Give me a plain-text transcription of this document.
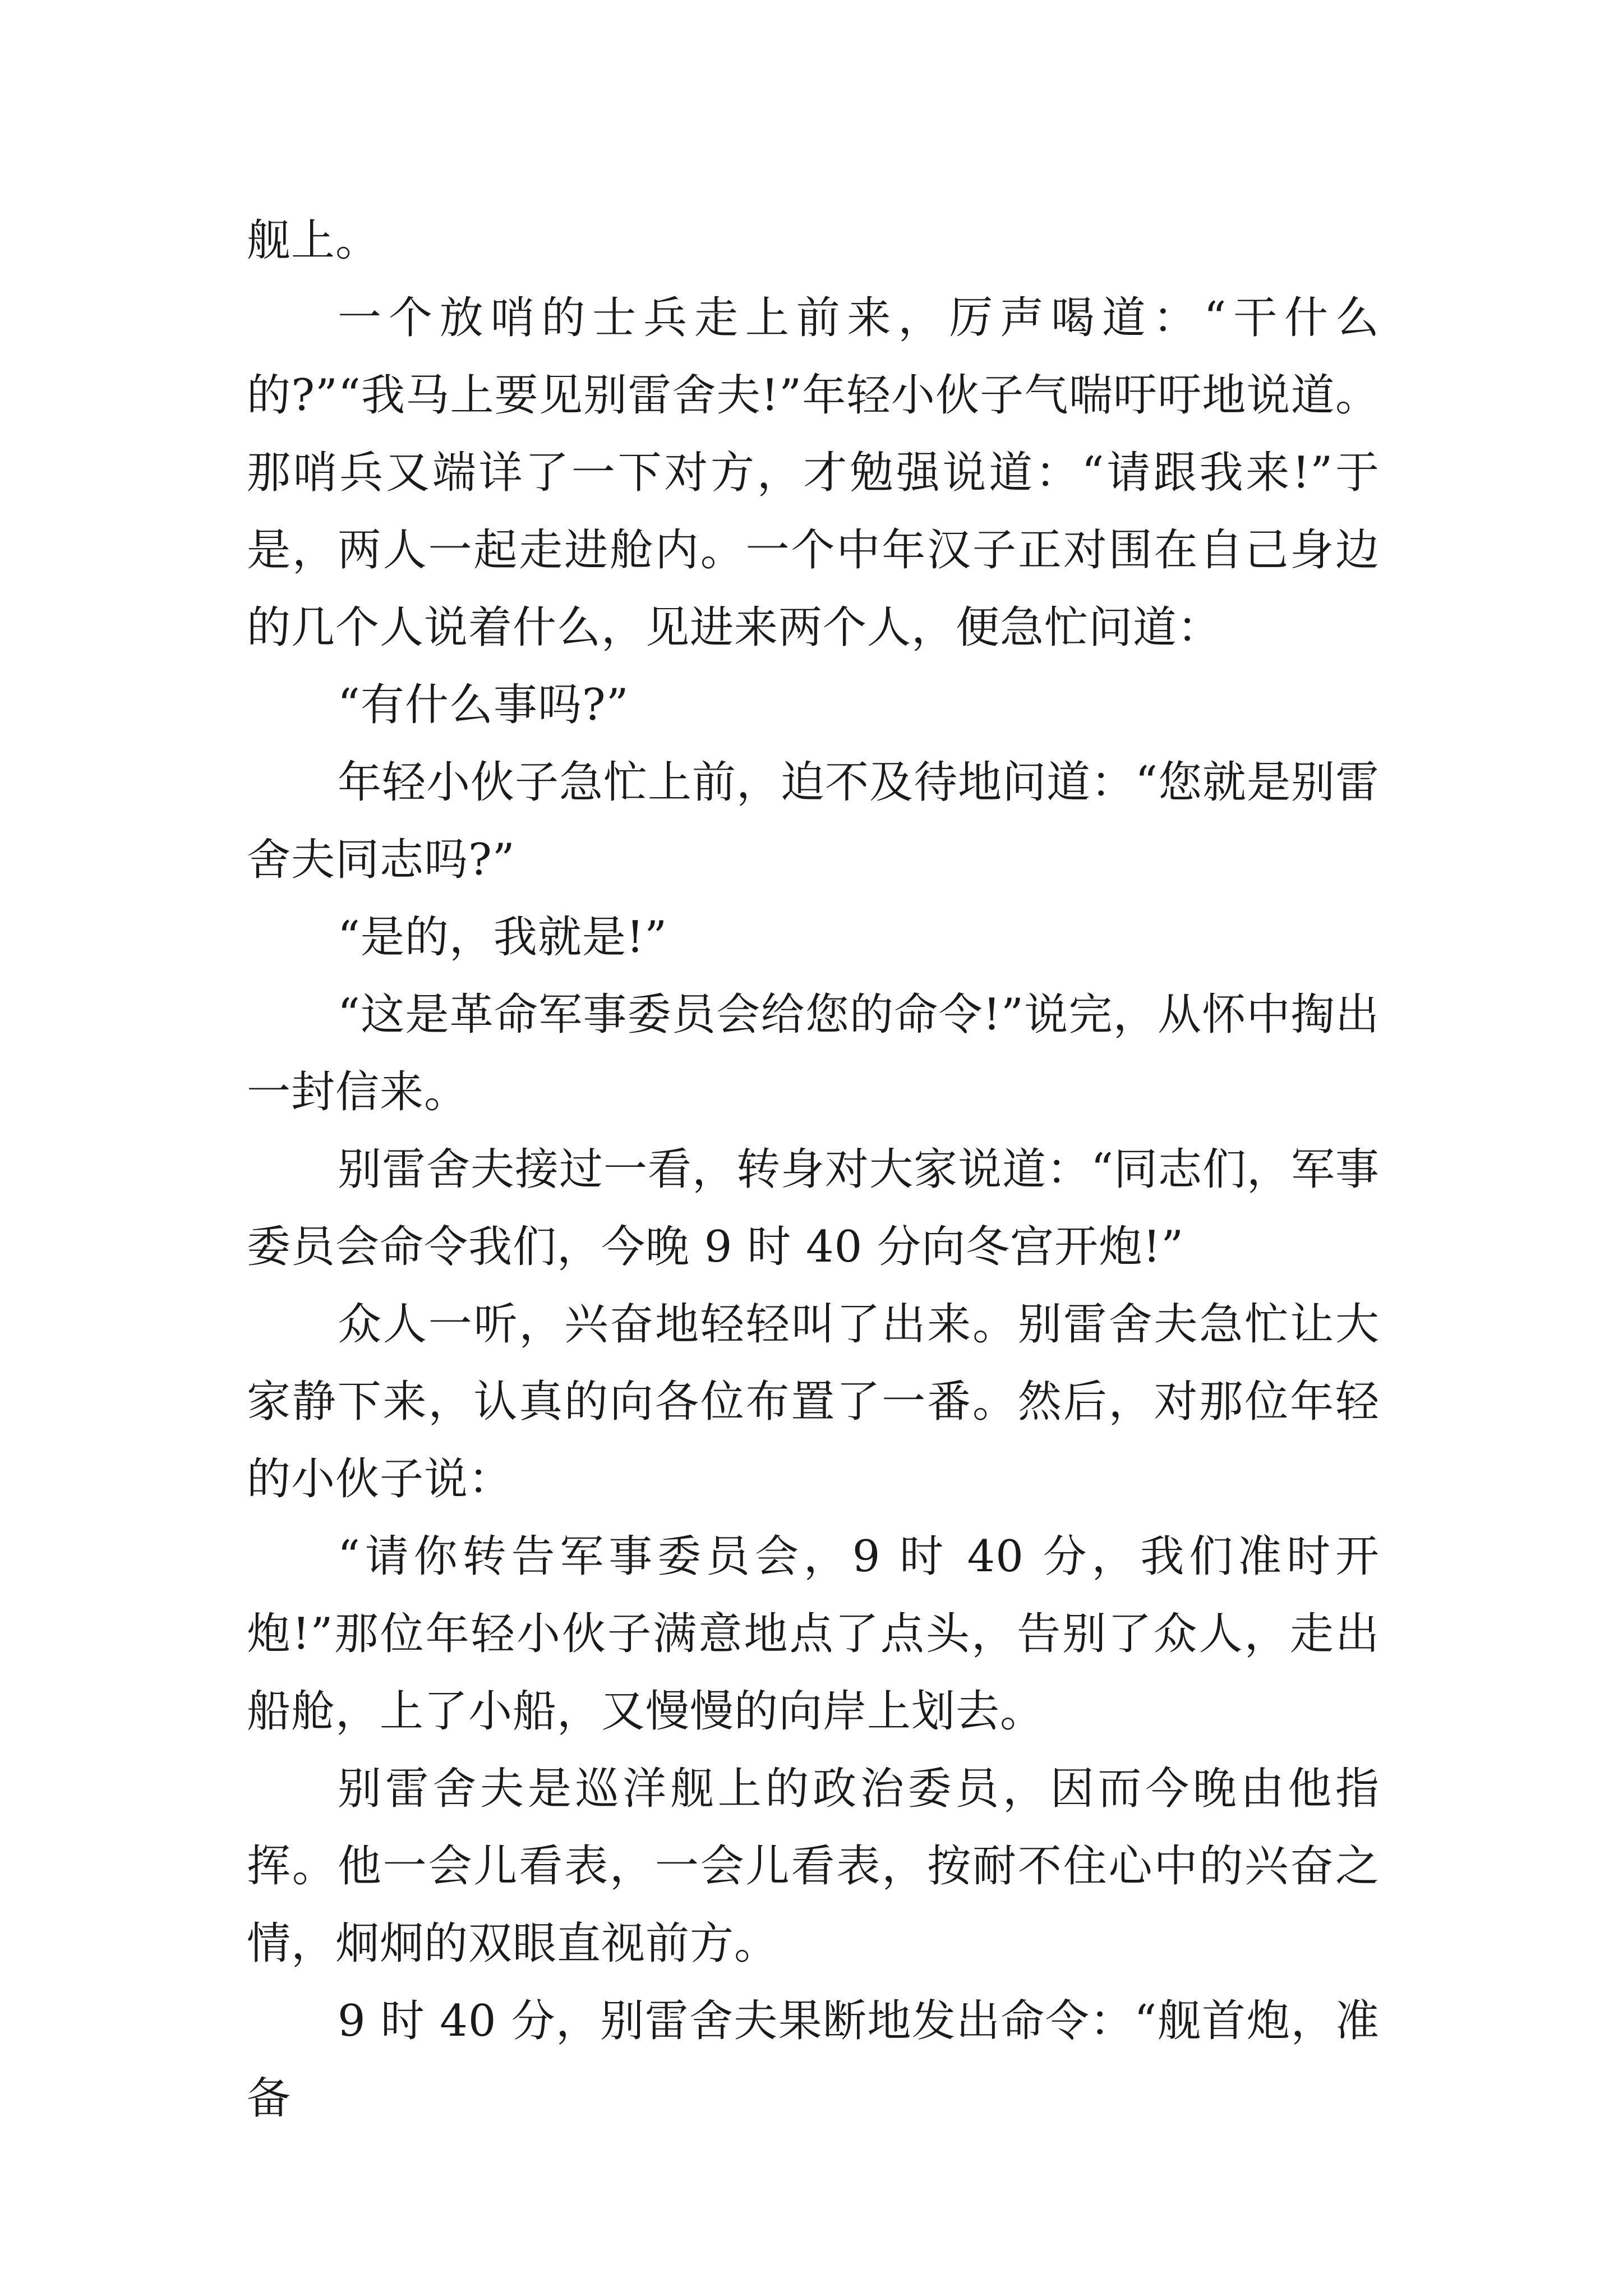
舰上。

一个放哨的士兵走上前来，厉声喝道：“干什么的?”“我马上要见别雷舍夫!”年轻小伙子气喘吁吁地说道。那哨兵又端详了一下对方，才勉强说道：“请跟我来!”于是，两人一起走进舱内。一个中年汉子正对围在自己身边的几个人说着什么，见进来两个人，便急忙问道：

“有什么事吗?”

年轻小伙子急忙上前，迫不及待地问道：“您就是别雷舍夫同志吗?”

“是的，我就是!”

“这是革命军事委员会给您的命令!”说完，从怀中掏出一封信来。

别雷舍夫接过一看，转身对大家说道：“同志们，军事委员会命令我们，今晚 9 时 40 分向冬宫开炮!”

众人一听，兴奋地轻轻叫了出来。别雷舍夫急忙让大家静下来，认真的向各位布置了一番。然后，对那位年轻的小伙子说：

“请你转告军事委员会，9 时 40 分，我们准时开炮!”那位年轻小伙子满意地点了点头，告别了众人，走出船舱，上了小船，又慢慢的向岸上划去。

别雷舍夫是巡洋舰上的政治委员，因而今晚由他指挥。他一会儿看表，一会儿看表，按耐不住心中的兴奋之情，炯炯的双眼直视前方。

9 时 40 分，别雷舍夫果断地发出命令：“舰首炮，准备
